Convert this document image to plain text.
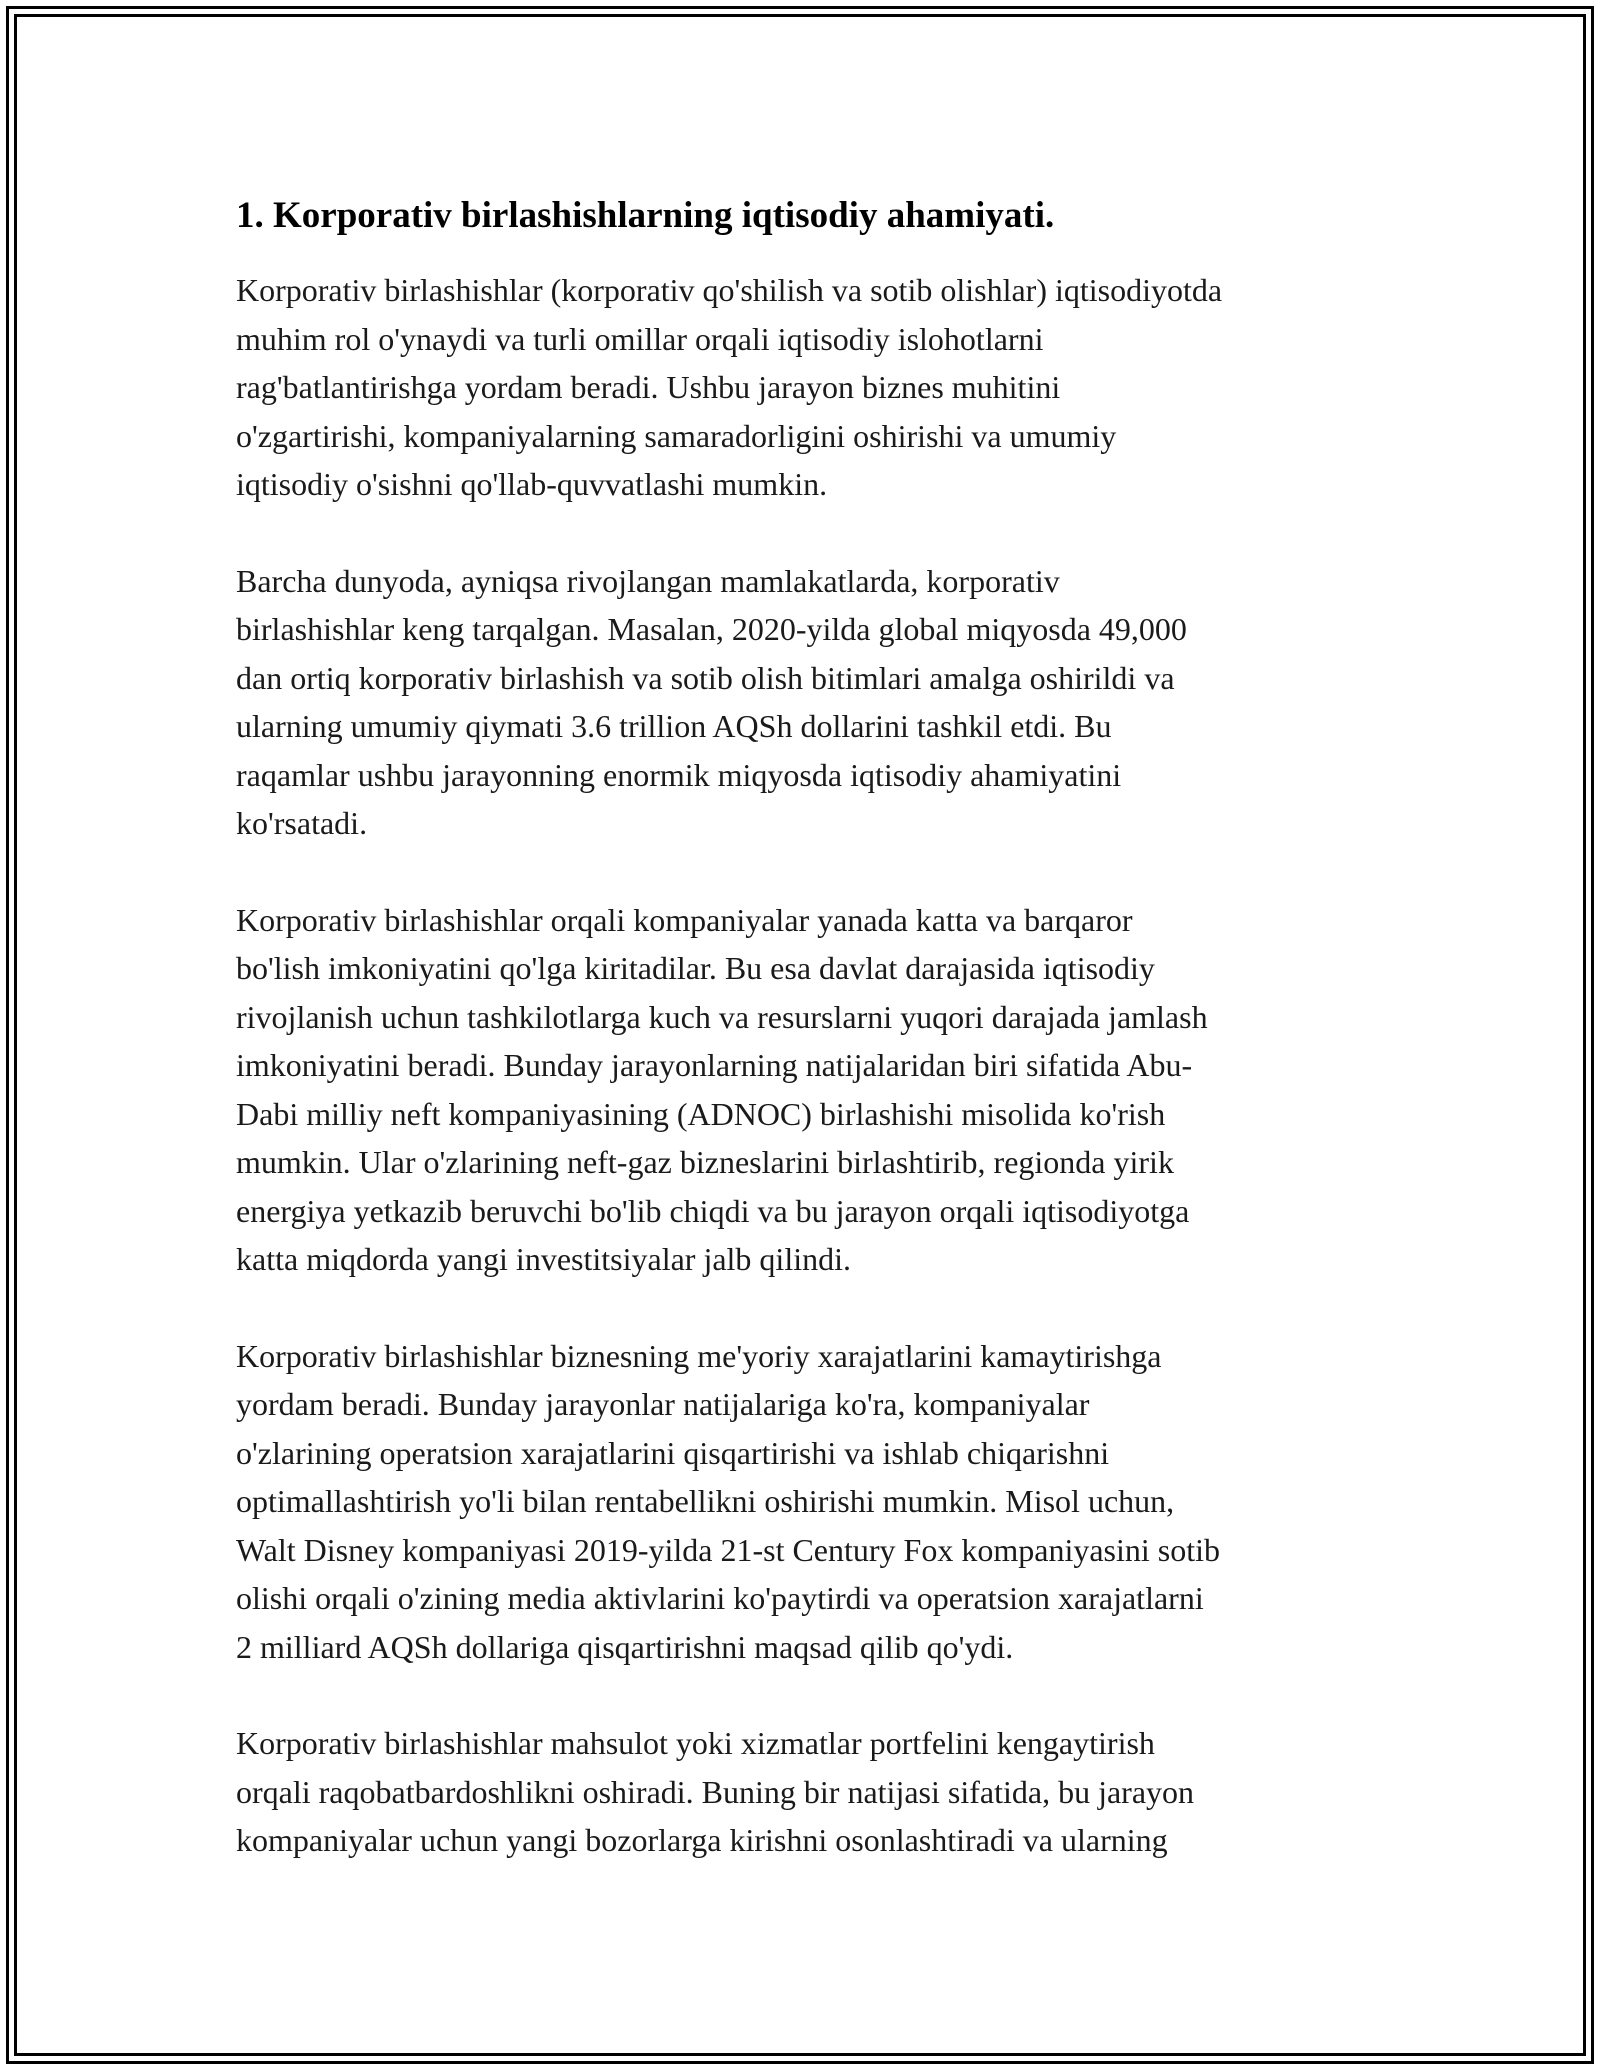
1. Korporativ birlashishlarning iqtisodiy ahamiyati.

Korporativ birlashishlar (korporativ qo'shilish va sotib olishlar) iqtisodiyotda
muhim rol o'ynaydi va turli omillar orqali iqtisodiy islohotlarni
rag'batlantirishga yordam beradi. Ushbu jarayon biznes muhitini
o'zgartirishi, kompaniyalarning samaradorligini oshirishi va umumiy
iqtisodiy o'sishni qo'llab-quvvatlashi mumkin.

Barcha dunyoda, ayniqsa rivojlangan mamlakatlarda, korporativ
birlashishlar keng tarqalgan. Masalan, 2020-yilda global miqyosda 49,000
dan ortiq korporativ birlashish va sotib olish bitimlari amalga oshirildi va
ularning umumiy qiymati 3.6 trillion AQSh dollarini tashkil etdi. Bu
raqamlar ushbu jarayonning enormik miqyosda iqtisodiy ahamiyatini
ko'rsatadi.

Korporativ birlashishlar orqali kompaniyalar yanada katta va barqaror
bo'lish imkoniyatini qo'lga kiritadilar. Bu esa davlat darajasida iqtisodiy
rivojlanish uchun tashkilotlarga kuch va resurslarni yuqori darajada jamlash
imkoniyatini beradi. Bunday jarayonlarning natijalaridan biri sifatida Abu-
Dabi milliy neft kompaniyasining (ADNOC) birlashishi misolida ko'rish
mumkin. Ular o'zlarining neft-gaz bizneslarini birlashtirib, regionda yirik
energiya yetkazib beruvchi bo'lib chiqdi va bu jarayon orqali iqtisodiyotga
katta miqdorda yangi investitsiyalar jalb qilindi.

Korporativ birlashishlar biznesning me'yoriy xarajatlarini kamaytirishga
yordam beradi. Bunday jarayonlar natijalariga ko'ra, kompaniyalar
o'zlarining operatsion xarajatlarini qisqartirishi va ishlab chiqarishni
optimallashtirish yo'li bilan rentabellikni oshirishi mumkin. Misol uchun,
Walt Disney kompaniyasi 2019-yilda 21-st Century Fox kompaniyasini sotib
olishi orqali o'zining media aktivlarini ko'paytirdi va operatsion xarajatlarni
2 milliard AQSh dollariga qisqartirishni maqsad qilib qo'ydi.

Korporativ birlashishlar mahsulot yoki xizmatlar portfelini kengaytirish
orqali raqobatbardoshlikni oshiradi. Buning bir natijasi sifatida, bu jarayon
kompaniyalar uchun yangi bozorlarga kirishni osonlashtiradi va ularning
